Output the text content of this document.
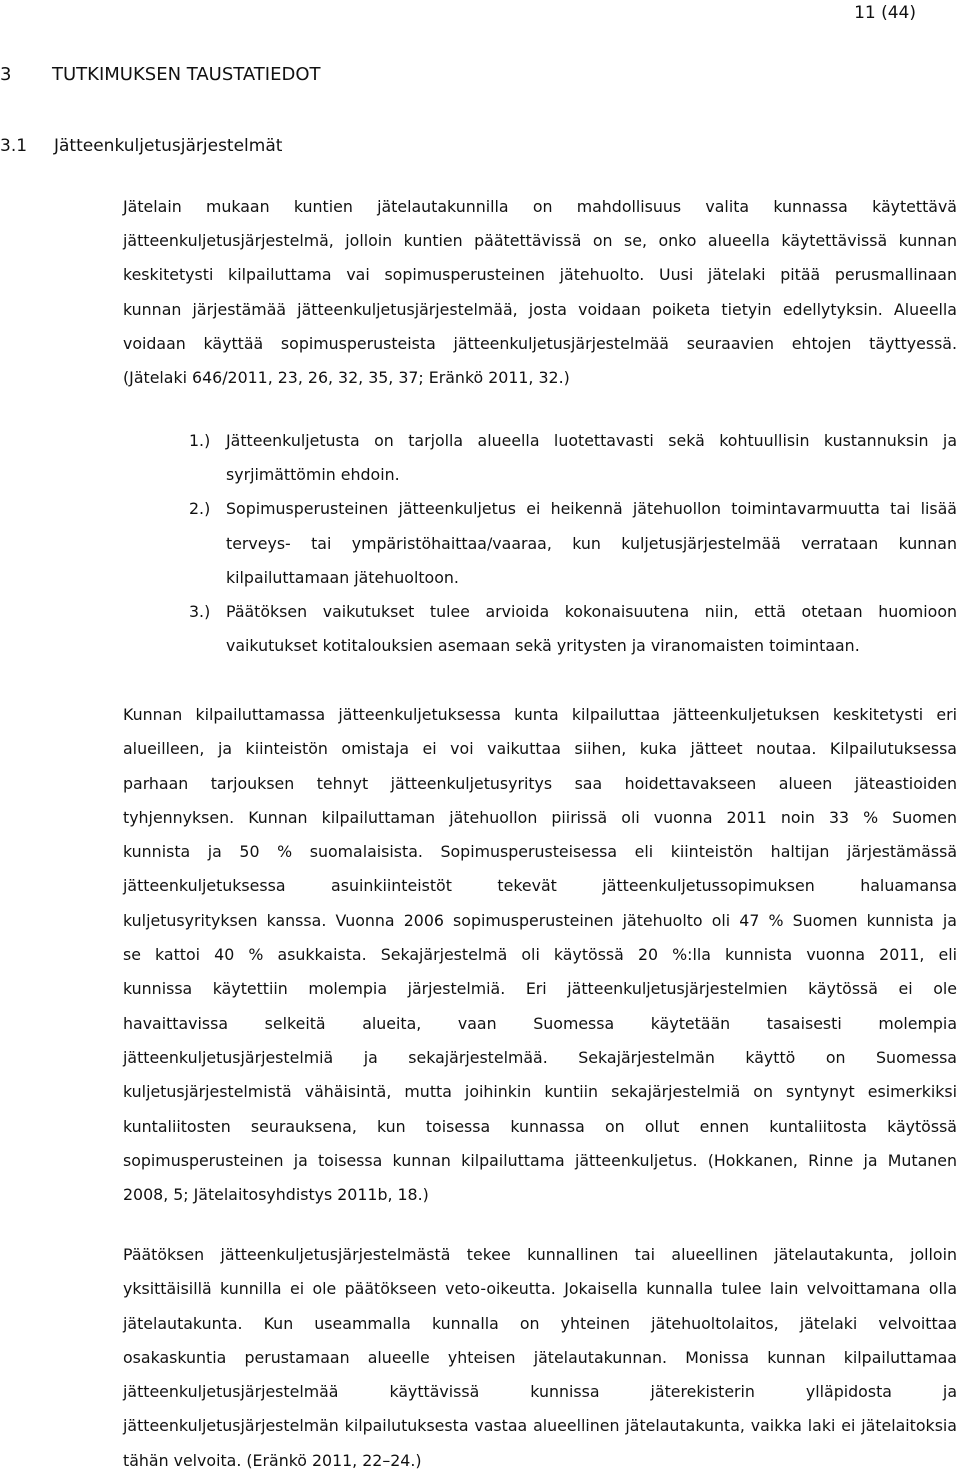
11 (44)
3 TUTKIMUKSEN TAUSTATIEDOT
3.1 Jätteenkuljetusjärjestelmät
Jätelain mukaan kuntien jätelautakunnilla on mahdollisuus valita kunnassa käytettävä
jätteenkuljetusjärjestelmä, jolloin kuntien päätettävissä on se, onko alueella käytettävissä kunnan
keskitetysti kilpailuttama vai sopimusperusteinen jätehuolto. Uusi jätelaki pitää perusmallinaan
kunnan järjestämää jätteenkuljetusjärjestelmää, josta voidaan poiketa tietyin edellytyksin. Alueella
voidaan käyttää sopimusperusteista jätteenkuljetusjärjestelmää seuraavien ehtojen täyttyessä.
(Jätelaki 646/2011, 23, 26, 32, 35, 37; Eränkö 2011, 32.)
1.) Jätteenkuljetusta on tarjolla alueella luotettavasti sekä kohtuullisin kustannuksin ja
syrjimättömin ehdoin.
2.) Sopimusperusteinen jätteenkuljetus ei heikennä jätehuollon toimintavarmuutta tai lisää
terveys- tai ympäristöhaittaa/vaaraa, kun kuljetusjärjestelmää verrataan kunnan
kilpailuttamaan jätehuoltoon.
3.) Päätöksen vaikutukset tulee arvioida kokonaisuutena niin, että otetaan huomioon
vaikutukset kotitalouksien asemaan sekä yritysten ja viranomaisten toimintaan.
Kunnan kilpailuttamassa jätteenkuljetuksessa kunta kilpailuttaa jätteenkuljetuksen keskitetysti eri
alueilleen, ja kiinteistön omistaja ei voi vaikuttaa siihen, kuka jätteet noutaa. Kilpailutuksessa
parhaan tarjouksen tehnyt jätteenkuljetusyritys saa hoidettavakseen alueen jäteastioiden
tyhjennyksen. Kunnan kilpailuttaman jätehuollon piirissä oli vuonna 2011 noin 33 % Suomen
kunnista ja 50 % suomalaisista. Sopimusperusteisessa eli kiinteistön haltijan järjestämässä
jätteenkuljetuksessa asuinkiinteistöt tekevät jätteenkuljetussopimuksen haluamansa
kuljetusyrityksen kanssa. Vuonna 2006 sopimusperusteinen jätehuolto oli 47 % Suomen kunnista ja
se kattoi 40 % asukkaista. Sekajärjestelmä oli käytössä 20 %:lla kunnista vuonna 2011, eli
kunnissa käytettiin molempia järjestelmiä. Eri jätteenkuljetusjärjestelmien käytössä ei ole
havaittavissa selkeitä alueita, vaan Suomessa käytetään tasaisesti molempia
jätteenkuljetusjärjestelmiä ja sekajärjestelmää. Sekajärjestelmän käyttö on Suomessa
kuljetusjärjestelmistä vähäisintä, mutta joihinkin kuntiin sekajärjestelmiä on syntynyt esimerkiksi
kuntaliitosten seurauksena, kun toisessa kunnassa on ollut ennen kuntaliitosta käytössä
sopimusperusteinen ja toisessa kunnan kilpailuttama jätteenkuljetus. (Hokkanen, Rinne ja Mutanen
2008, 5; Jätelaitosyhdistys 2011b, 18.)
Päätöksen jätteenkuljetusjärjestelmästä tekee kunnallinen tai alueellinen jätelautakunta, jolloin
yksittäisillä kunnilla ei ole päätökseen veto-oikeutta. Jokaisella kunnalla tulee lain velvoittamana olla
jätelautakunta. Kun useammalla kunnalla on yhteinen jätehuoltolaitos, jätelaki velvoittaa
osakaskuntia perustamaan alueelle yhteisen jätelautakunnan. Monissa kunnan kilpailuttamaa
jätteenkuljetusjärjestelmää käyttävissä kunnissa jäterekisterin ylläpidosta ja
jätteenkuljetusjärjestelmän kilpailutuksesta vastaa alueellinen jätelautakunta, vaikka laki ei jätelaitoksia
tähän velvoita. (Eränkö 2011, 22–24.)
